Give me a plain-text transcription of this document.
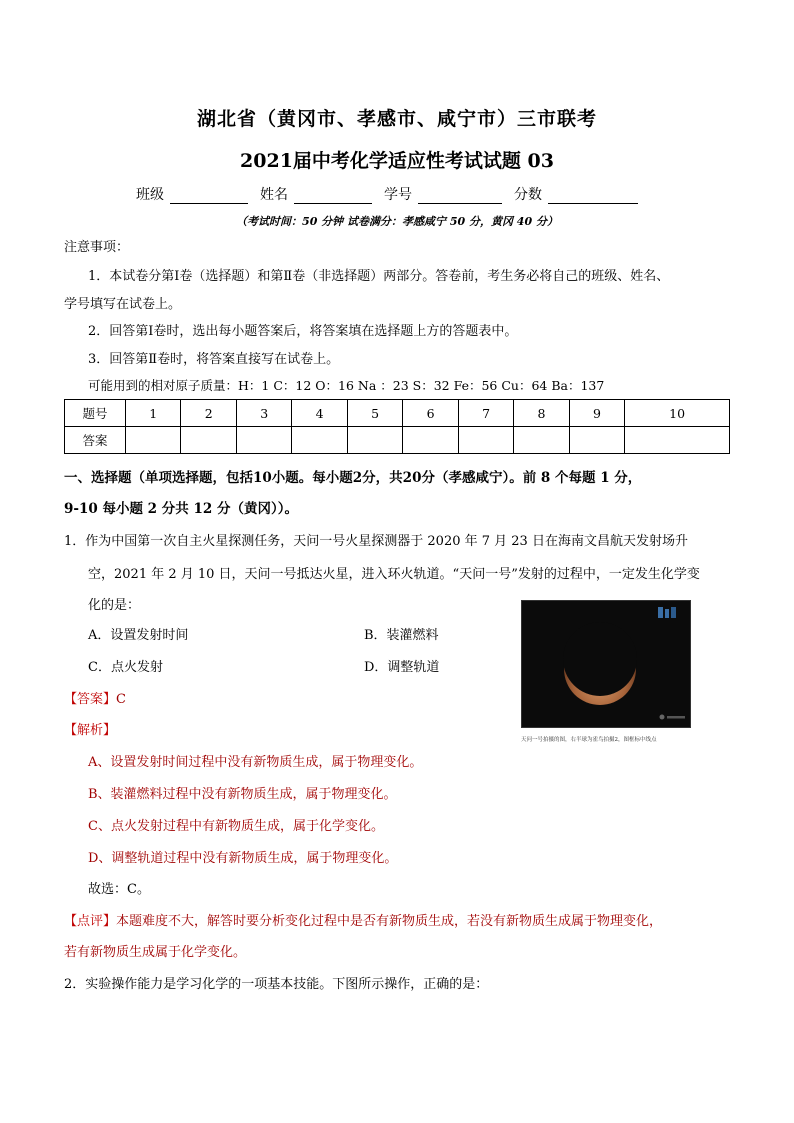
湖北省（黄冈市、孝感市、咸宁市）三市联考
2021届中考化学适应性考试试题 03
班级	姓名	学号	分数
（考试时间：50 分钟 试卷满分：孝感咸宁 50 分，黄冈 40 分）
注意事项：
1．本试卷分第Ⅰ卷（选择题）和第Ⅱ卷（非选择题）两部分。答卷前，考生务必将自己的班级、姓名、
学号填写在试卷上。
2．回答第Ⅰ卷时，选出每小题答案后，将答案填在选择题上方的答题表中。
3．回答第Ⅱ卷时，将答案直接写在试卷上。
可能用到的相对原子质量：H：1 C：12 O：16 Na ：23 S：32 Fe：56 Cu：64 Ba：137
题号	1	2	3	4	5	6	7	8	9	10
答案										
一、选择题（单项选择题，包括10小题。每小题2分，共20分（孝感咸宁）。前 8 个每题 1 分，
9-10 每小题 2 分共 12 分（黄冈））。
1．作为中国第一次自主火星探测任务，天问一号火星探测器于 2020 年 7 月 23 日在海南文昌航天发射场升
空，2021 年 2 月 10 日，天问一号抵达火星，进入环火轨道。“天问一号”发射的过程中，一定发生化学变
化的是：
A．设置发射时间	B．装灌燃料
C．点火发射	D．调整轨道
天问一号拍摄的图，右半球为雀鸟拍摄2，图框标中线点
【答案】C
【解析】
A、设置发射时间过程中没有新物质生成，属于物理变化。
B、装灌燃料过程中没有新物质生成，属于物理变化。
C、点火发射过程中有新物质生成，属于化学变化。
D、调整轨道过程中没有新物质生成，属于物理变化。
故选：C。
【点评】本题难度不大，解答时要分析变化过程中是否有新物质生成，若没有新物质生成属于物理变化，
若有新物质生成属于化学变化。
2．实验操作能力是学习化学的一项基本技能。下图所示操作，正确的是：
